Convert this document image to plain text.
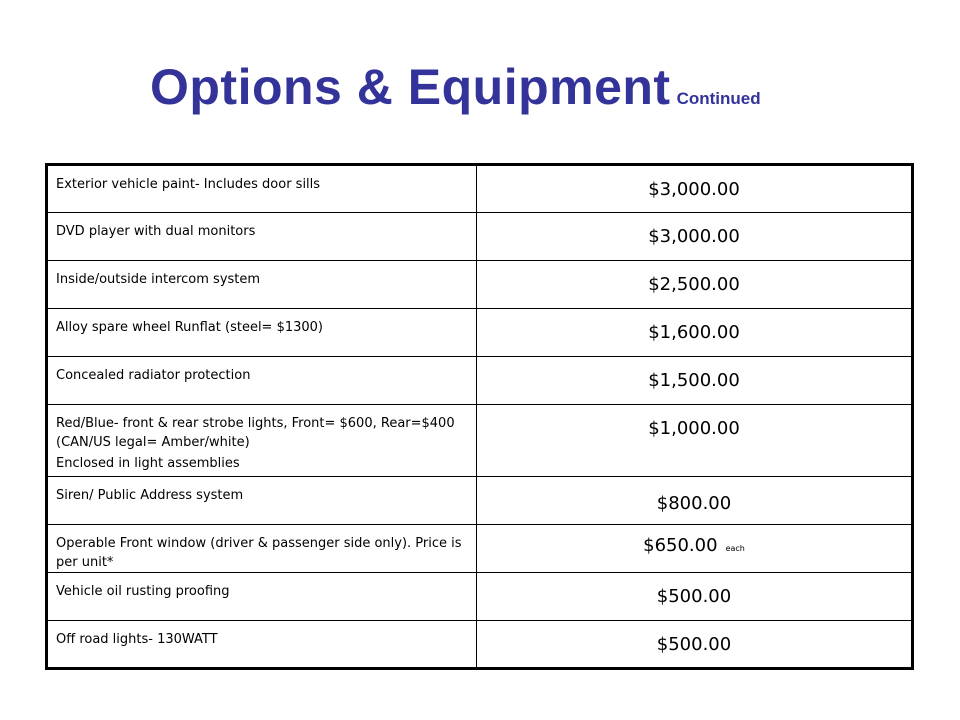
Options & Equipment Continued
Exterior vehicle paint- Includes door sills	$3,000.00

DVD player with dual monitors	$3,000.00

Inside/outside intercom system	$2,500.00

Alloy spare wheel Runflat (steel= $1300)	$1,600.00

Concealed radiator protection	$1,500.00

Red/Blue- front & rear strobe lights, Front= $600, Rear=$400 (CAN/US legal= Amber/white)
Enclosed in light assemblies	$1,000.00

Siren/ Public Address system	$800.00

Operable Front window (driver & passenger side only). Price is per unit*	$650.00 each

Vehicle oil rusting proofing	$500.00

Off road lights- 130WATT	$500.00
